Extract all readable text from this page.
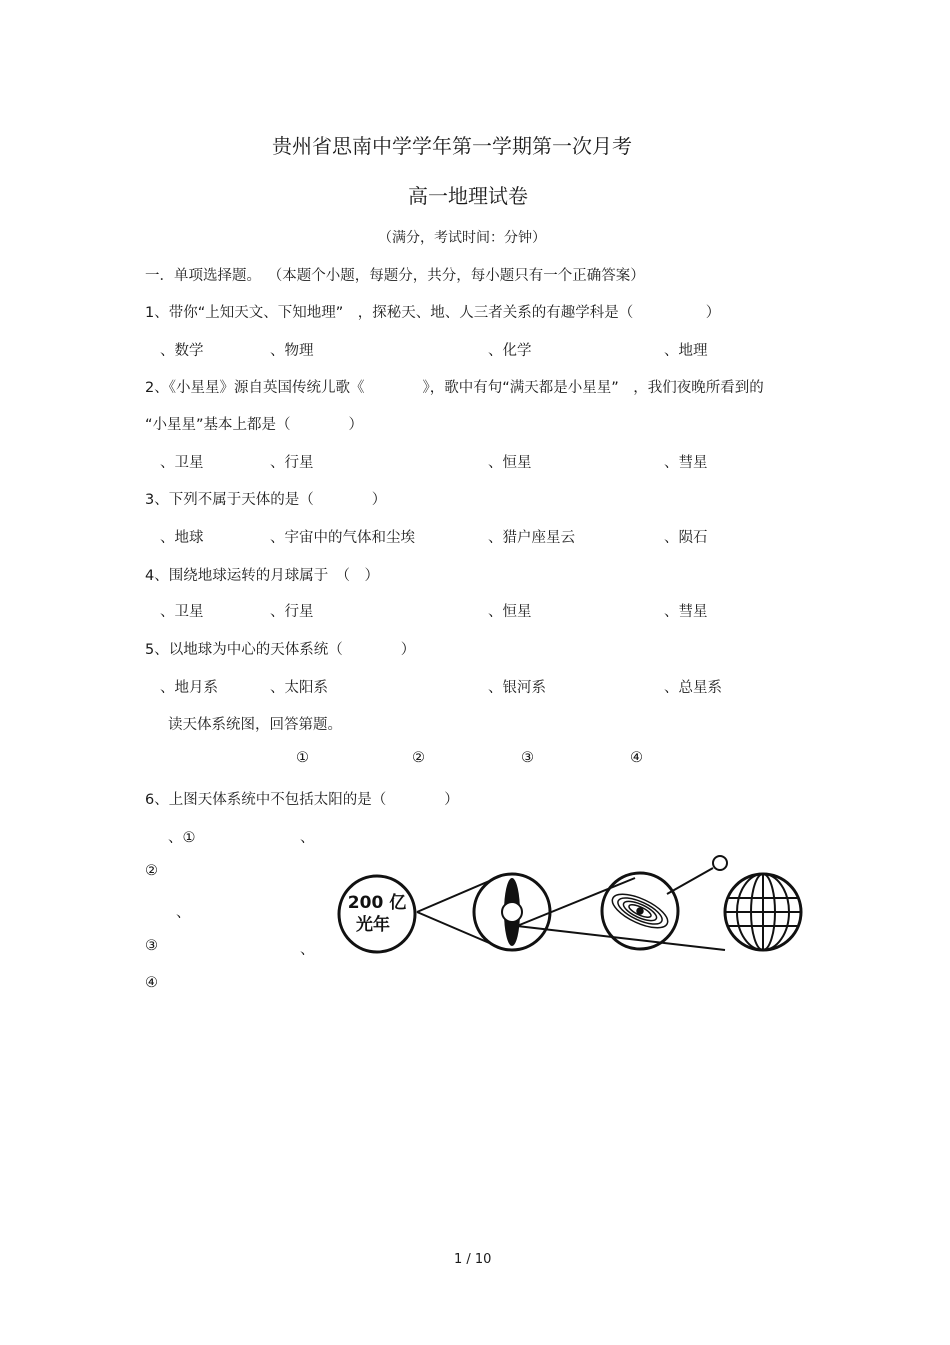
贵州省思南中学学年第一学期第一次月考
高一地理试卷
（满分，考试时间：分钟）
一．单项选择题。 （本题个小题，每题分，共分，每小题只有一个正确答案）
1、带你“上知天文、下知地理”　，探秘天、地、人三者关系的有趣学科是（　　　　　）
、数学	、物理	、化学	、地理
2、《小星星》源自英国传统儿歌《　　　　》，歌中有句“满天都是小星星”　，我们夜晚所看到的
“小星星”基本上都是（　　　　）
、卫星	、行星	、恒星	、彗星
3、下列不属于天体的是（　　　　）
、地球	、宇宙中的气体和尘埃	、猎户座星云	、陨石
4、围绕地球运转的月球属于　（　）
、卫星	、行星	、恒星	、彗星
5、以地球为中心的天体系统（　　　　）
、地月系	、太阳系	、银河系	、总星系
读天体系统图，回答第题。
①	②	③	④
6、上图天体系统中不包括太阳的是（　　　　）
、①	、
②
、
③	、
④
200 亿
光年
1 / 10
